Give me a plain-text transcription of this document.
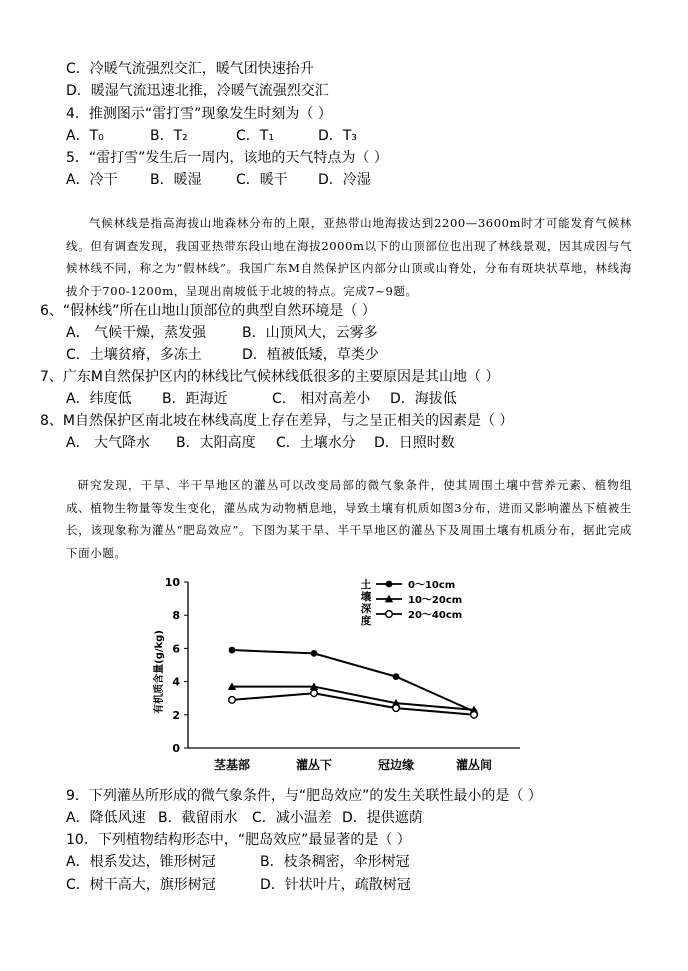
C．冷暖气流强烈交汇，暖气团快速抬升
D．暖湿气流迅速北推，冷暖气流强烈交汇
4．推测图示“雷打雪”现象发生时刻为（ ）
A．T₀	B．T₂	C．T₁	D．T₃
5．“雷打雪”发生后一周内，该地的天气特点为（ ）
A．冷干 B．暖湿 C．暖干 D．冷湿
气候林线是指高海拔山地森林分布的上限，亚热带山地海拔达到2200—3600m时才可能发育气候林线。但有调查发现，我国亚热带东段山地在海拔2000m以下的山顶部位也出现了林线景观，因其成因与气候林线不同，称之为“假林线”。我国广东M自然保护区内部分山顶或山脊处，分布有斑块状草地，林线海拔介于700-1200m，呈现出南坡低于北坡的特点。完成7~9题。
6、“假林线”所在山地山顶部位的典型自然环境是（ ）
A． 气候干燥，蒸发强	B．山顶风大，云雾多
C．土壤贫瘠，多冻土	D．植被低矮，草类少
7、广东M自然保护区内的林线比气候林线低很多的主要原因是其山地（ ）
A．纬度低 B．距海近	C． 相对高差小 D．海拔低
8、M自然保护区南北坡在林线高度上存在差异，与之呈正相关的因素是（ ）
A． 大气降水 B．太阳高度 C．土壤水分 D．日照时数
研究发现，干旱、半干旱地区的灌丛可以改变局部的微气象条件，使其周围土壤中营养元素、植物组成、植物生物量等发生变化，灌丛成为动物栖息地，导致土壤有机质如图3分布，进而又影响灌丛下植被生长，该现象称为灌丛“肥岛效应”。下图为某干旱、半干旱地区的灌丛下及周围土壤有机质分布，据此完成下面小题。
0
2
4
6
8
10
茎基部	灌丛下	冠边缘	灌丛间
土
壤
深
度
0～10cm
10～20cm
20～40cm
有机质含量(g/kg)
9．下列灌丛所形成的微气象条件，与“肥岛效应”的发生关联性最小的是（ ）
A．降低风速 B．截留雨水 C．减小温差 D．提供遮荫
10．下列植物结构形态中，“肥岛效应”最显著的是（ ）
A．根系发达，锥形树冠	B．枝条稠密，伞形树冠
C．树干高大，旗形树冠	D．针状叶片，疏散树冠
